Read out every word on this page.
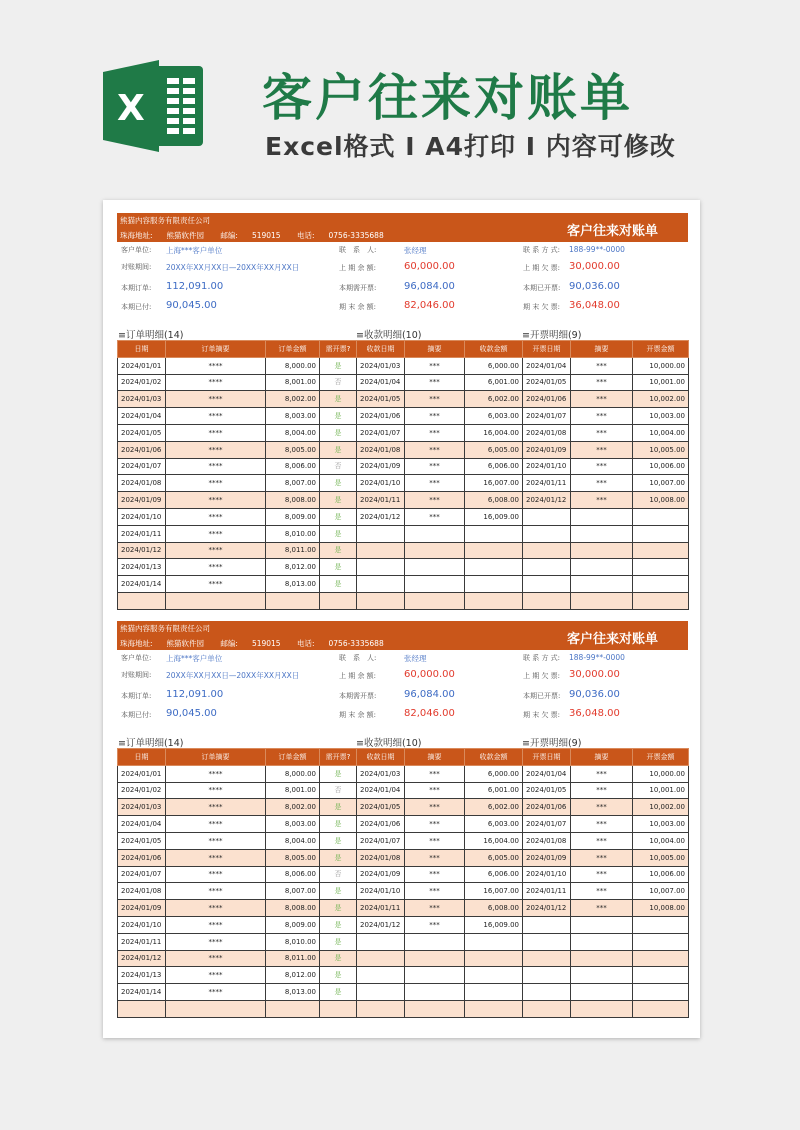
X 客户往来对账单
Excel格式 Ⅰ A4打印 Ⅰ 内容可修改
熊猫内容服务有限责任公司
珠海地址: 熊猫软件园 邮编: 519015 电话: 0756-3335688	客户往来对账单
客户单位: 上海***客户单位	联　系　人:	张经理	联 系 方 式: 188-99**-0000
对账期间: 20XX年XX月XX日—20XX年XX月XX日	上 期 余 额:	60,000.00	上 期 欠 票: 30,000.00
本期订单: 112,091.00	本期需开票:	96,084.00	本期已开票: 90,036.00
本期已付: 90,045.00	期 末 余 额:	82,046.00	期 末 欠 票: 36,048.00
≡订单明细(14)	≡收款明细(10)	≡开票明细(9)
日期	订单摘要	订单金额	需开票?
2024/01/01	****	8,000.00	是
2024/01/02	****	8,001.00	否
2024/01/03	****	8,002.00	是
2024/01/04	****	8,003.00	是
2024/01/05	****	8,004.00	是
2024/01/06	****	8,005.00	是
2024/01/07	****	8,006.00	否
2024/01/08	****	8,007.00	是
2024/01/09	****	8,008.00	是
2024/01/10	****	8,009.00	是
2024/01/11	****	8,010.00	是
2024/01/12	****	8,011.00	是
2024/01/13	****	8,012.00	是
2024/01/14	****	8,013.00	是

收款日期	摘要	收款金额
2024/01/03	***	6,000.00
2024/01/04	***	6,001.00
2024/01/05	***	6,002.00
2024/01/06	***	6,003.00
2024/01/07	***	16,004.00
2024/01/08	***	6,005.00
2024/01/09	***	6,006.00
2024/01/10	***	16,007.00
2024/01/11	***	6,008.00
2024/01/12	***	16,009.00

开票日期	摘要	开票金额
2024/01/04	***	10,000.00
2024/01/05	***	10,001.00
2024/01/06	***	10,002.00
2024/01/07	***	10,003.00
2024/01/08	***	10,004.00
2024/01/09	***	10,005.00
2024/01/10	***	10,006.00
2024/01/11	***	10,007.00
2024/01/12	***	10,008.00

熊猫内容服务有限责任公司
珠海地址: 熊猫软件园 邮编: 519015 电话: 0756-3335688	客户往来对账单
客户单位: 上海***客户单位	联　系　人:	张经理	联 系 方 式: 188-99**-0000
对账期间: 20XX年XX月XX日—20XX年XX月XX日	上 期 余 额:	60,000.00	上 期 欠 票: 30,000.00
本期订单: 112,091.00	本期需开票:	96,084.00	本期已开票: 90,036.00
本期已付: 90,045.00	期 末 余 额:	82,046.00	期 末 欠 票: 36,048.00
≡订单明细(14)	≡收款明细(10)	≡开票明细(9)
日期	订单摘要	订单金额	需开票?
2024/01/01	****	8,000.00	是
2024/01/02	****	8,001.00	否
2024/01/03	****	8,002.00	是
2024/01/04	****	8,003.00	是
2024/01/05	****	8,004.00	是
2024/01/06	****	8,005.00	是
2024/01/07	****	8,006.00	否
2024/01/08	****	8,007.00	是
2024/01/09	****	8,008.00	是
2024/01/10	****	8,009.00	是
2024/01/11	****	8,010.00	是
2024/01/12	****	8,011.00	是
2024/01/13	****	8,012.00	是
2024/01/14	****	8,013.00	是

收款日期	摘要	收款金额
2024/01/03	***	6,000.00
2024/01/04	***	6,001.00
2024/01/05	***	6,002.00
2024/01/06	***	6,003.00
2024/01/07	***	16,004.00
2024/01/08	***	6,005.00
2024/01/09	***	6,006.00
2024/01/10	***	16,007.00
2024/01/11	***	6,008.00
2024/01/12	***	16,009.00

开票日期	摘要	开票金额
2024/01/04	***	10,000.00
2024/01/05	***	10,001.00
2024/01/06	***	10,002.00
2024/01/07	***	10,003.00
2024/01/08	***	10,004.00
2024/01/09	***	10,005.00
2024/01/10	***	10,006.00
2024/01/11	***	10,007.00
2024/01/12	***	10,008.00
